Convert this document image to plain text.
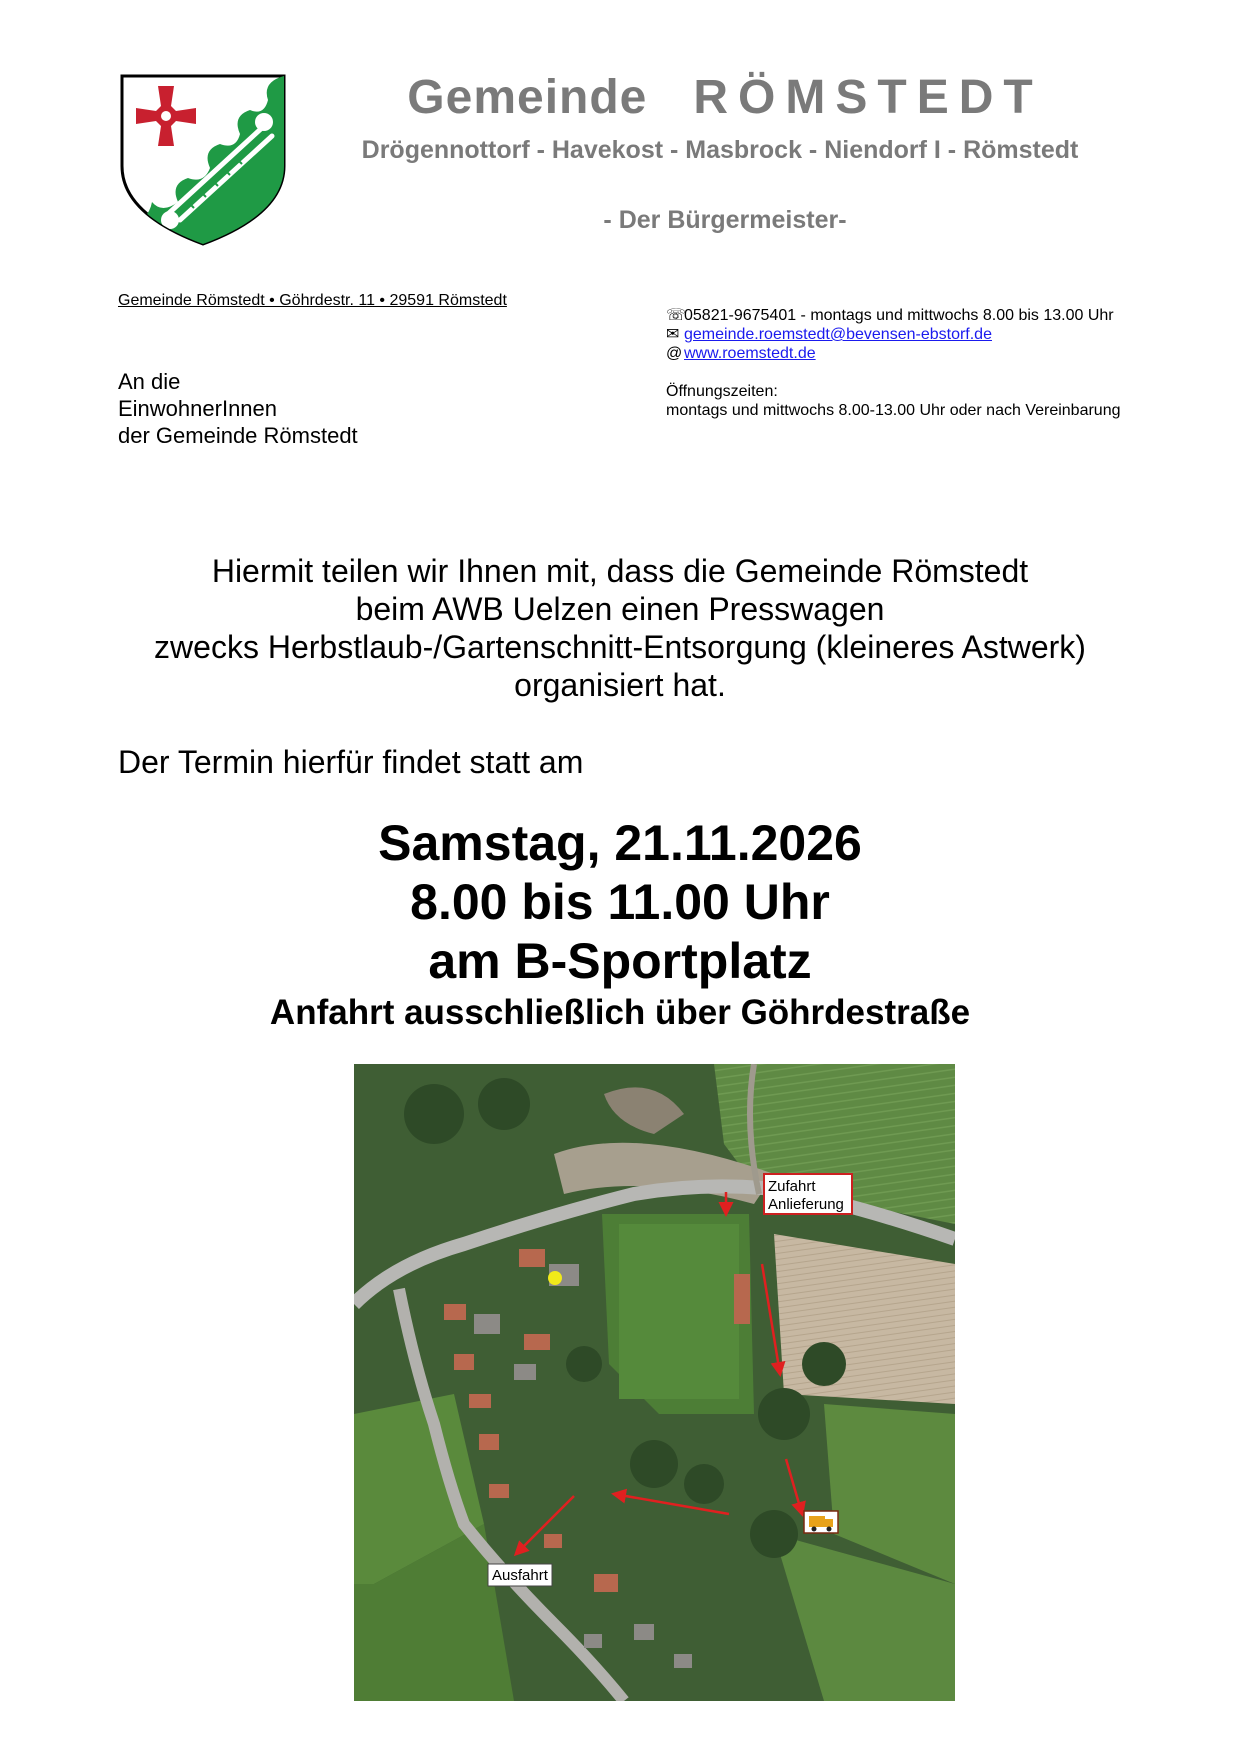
Gemeinde RÖMSTEDT
Drögennottorf - Havekost - Masbrock - Niendorf I - Römstedt
- Der Bürgermeister-
Gemeinde Römstedt • Göhrdestr. 11 • 29591 Römstedt
An die
EinwohnerInnen
der Gemeinde Römstedt
☏05821-9675401 - montags und mittwochs 8.00 bis 13.00 Uhr
✉ gemeinde.roemstedt@bevensen-ebstorf.de
@ www.roemstedt.de
Öffnungszeiten:
montags und mittwochs 8.00-13.00 Uhr oder nach Vereinbarung
Hiermit teilen wir Ihnen mit, dass die Gemeinde Römstedt
beim AWB Uelzen einen Presswagen
zwecks Herbstlaub-/Gartenschnitt-Entsorgung (kleineres Astwerk)
organisiert hat.
Der Termin hierfür findet statt am
Samstag, 21.11.2026
8.00 bis 11.00 Uhr
am B-Sportplatz
Anfahrt ausschließlich über Göhrdestraße
Zufahrt
Anlieferung
Ausfahrt
